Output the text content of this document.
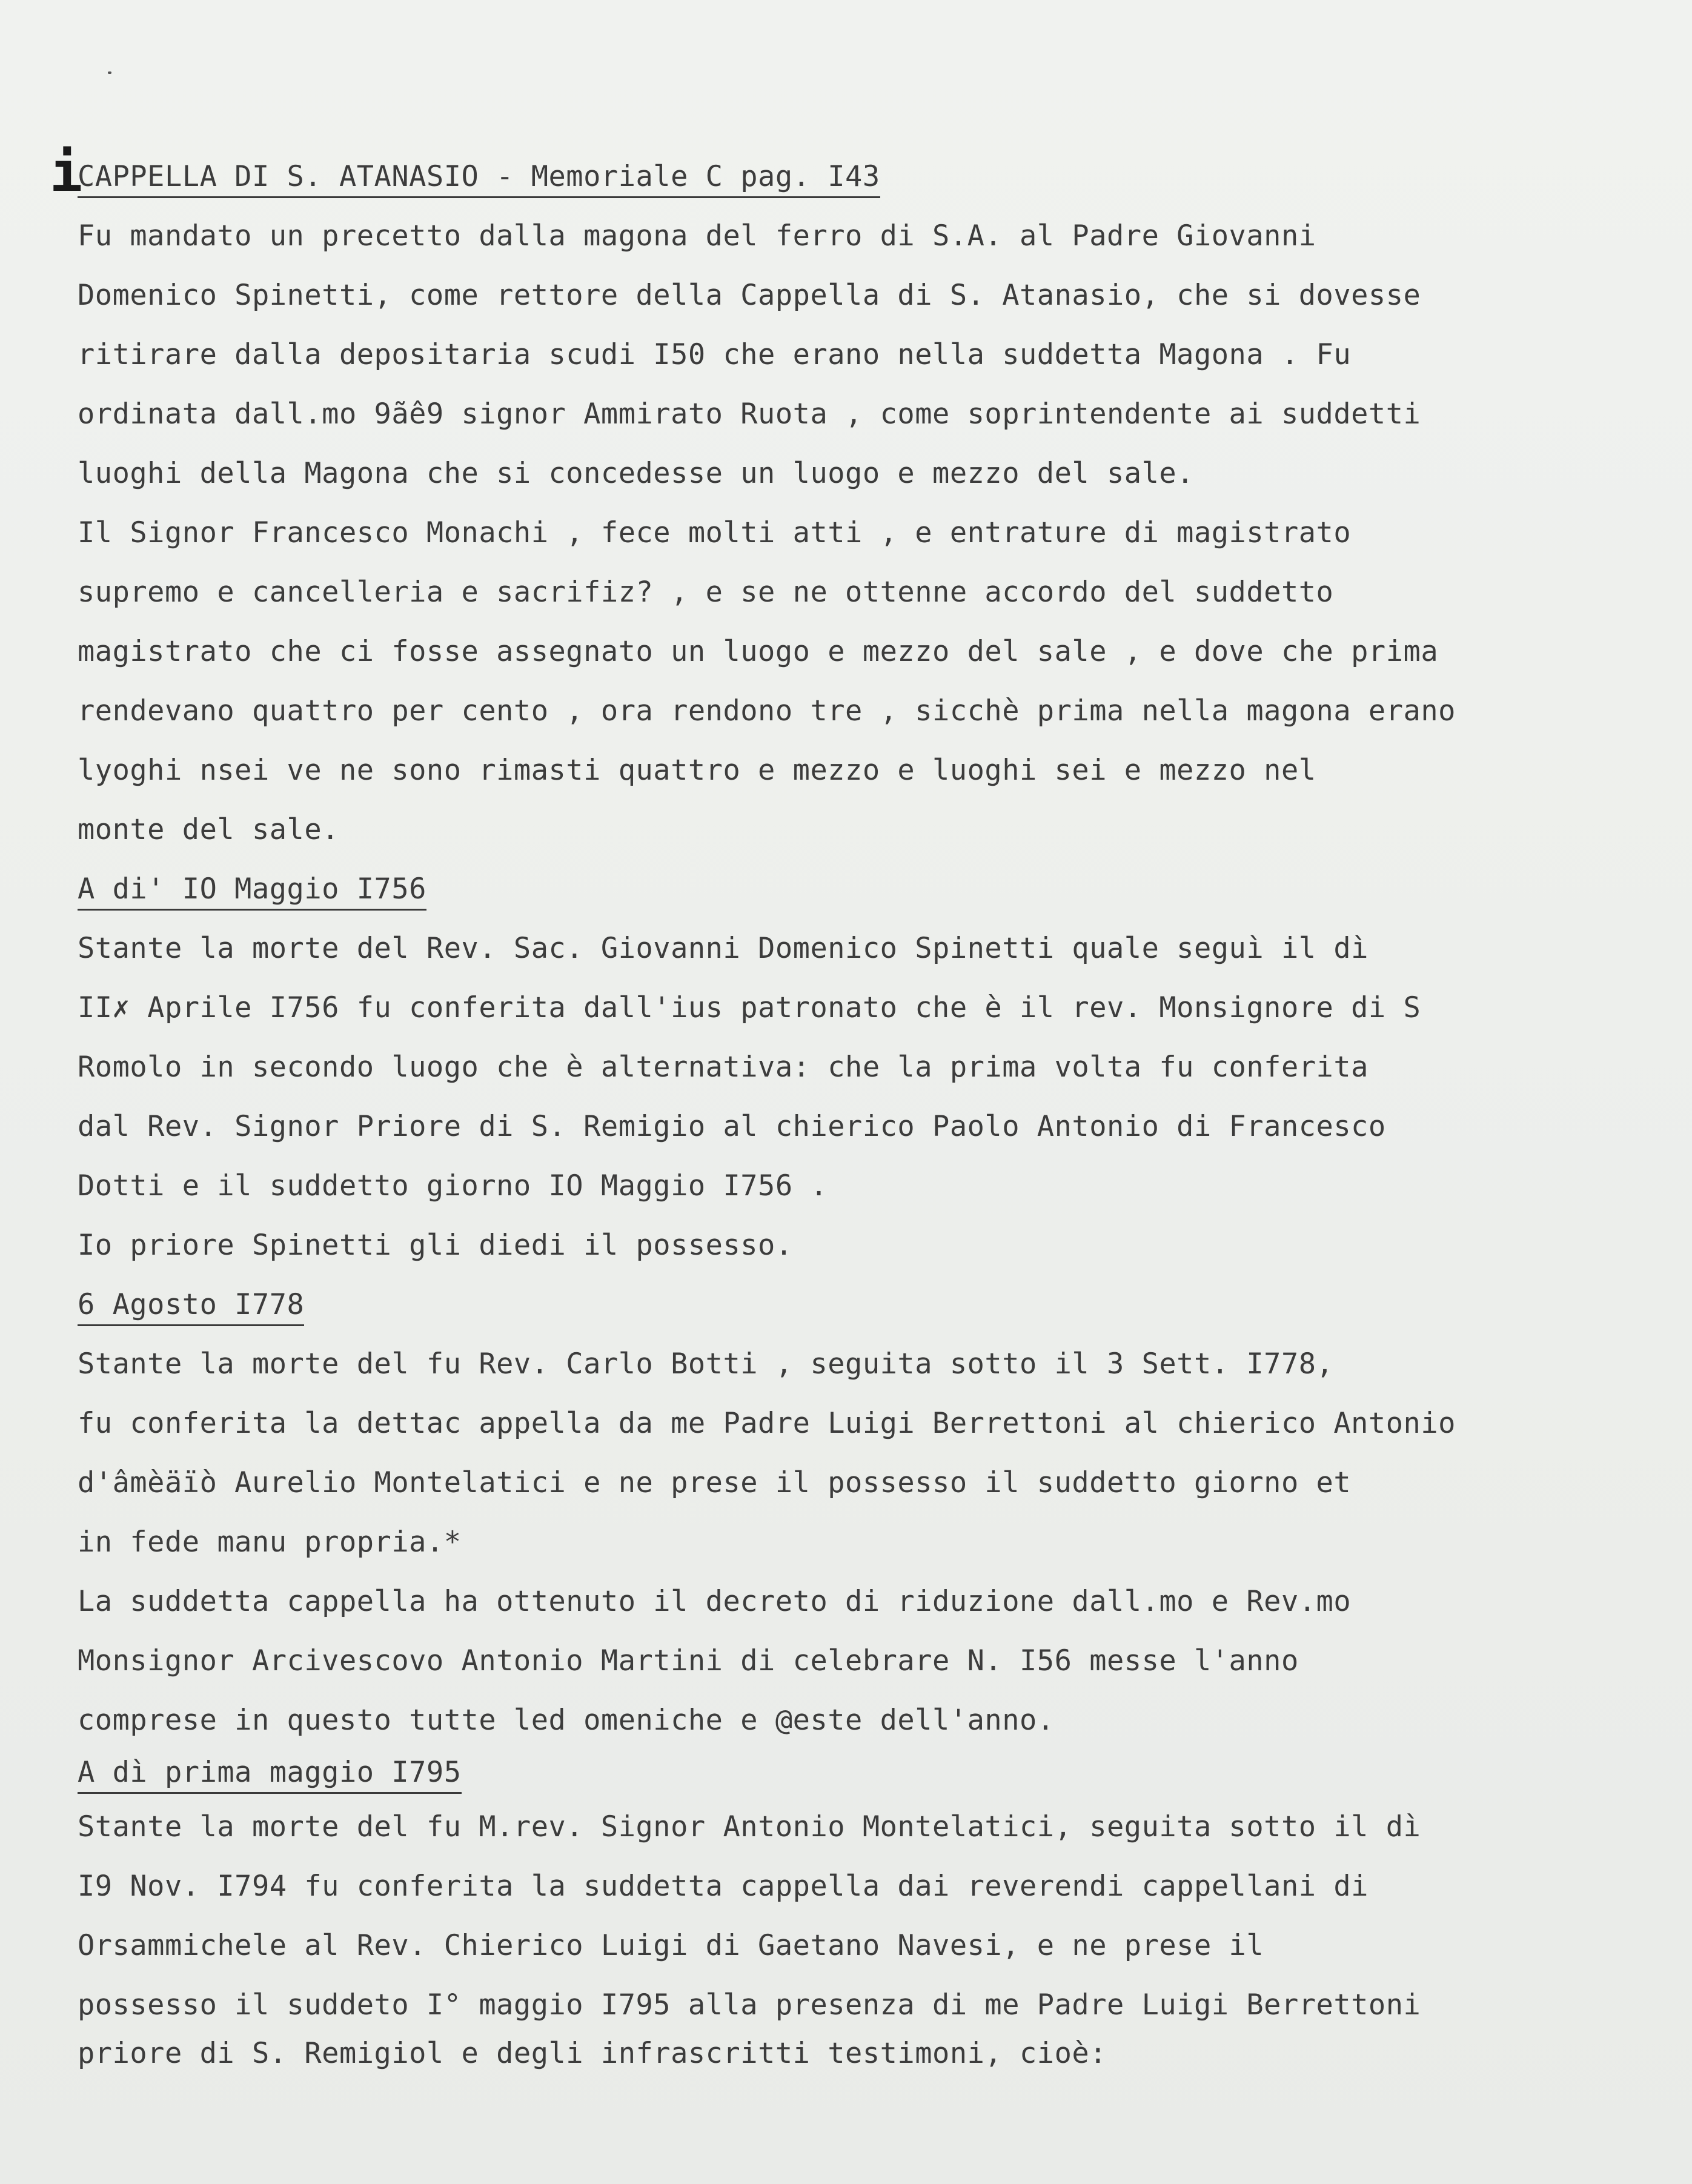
i
CAPPELLA DI S. ATANASIO - Memoriale C pag. I43
Fu mandato un precetto dalla magona del ferro di S.A. al Padre Giovanni
Domenico Spinetti, come rettore della Cappella di S. Atanasio, che si dovesse
ritirare dalla depositaria scudi I50 che erano nella suddetta Magona . Fu
ordinata dall.mo 9ãê9 signor Ammirato Ruota , come soprintendente ai suddetti
luoghi della Magona che si concedesse un luogo e mezzo del sale.
Il Signor Francesco Monachi , fece molti atti , e entrature di magistrato
supremo e cancelleria e sacrifiz? , e se ne ottenne accordo del suddetto
magistrato che ci fosse assegnato un luogo e mezzo del sale , e dove che prima
rendevano quattro per cento , ora rendono tre , sicchè prima nella magona erano
lyoghi nsei ve ne sono rimasti quattro e mezzo e luoghi sei e mezzo nel
monte del sale.
A di' IO Maggio I756
Stante la morte del Rev. Sac. Giovanni Domenico Spinetti quale seguì il dì
II✗ Aprile I756 fu conferita dall'ius patronato che è il rev. Monsignore di S
Romolo in secondo luogo che è alternativa: che la prima volta fu conferita
dal Rev. Signor Priore di S. Remigio al chierico Paolo Antonio di Francesco
Dotti e il suddetto giorno IO Maggio I756 .
Io priore Spinetti gli diedi il possesso.
6 Agosto I778
Stante la morte del fu Rev. Carlo Botti , seguita sotto il 3 Sett. I778,
fu conferita la dettac appella da me Padre Luigi Berrettoni al chierico Antonio
d'âmèäïò Aurelio Montelatici e ne prese il possesso il suddetto giorno et
in fede manu propria.*
La suddetta cappella ha ottenuto il decreto di riduzione dall.mo e Rev.mo
Monsignor Arcivescovo Antonio Martini di celebrare N. I56 messe l'anno
comprese in questo tutte led omeniche e @este dell'anno.
A dì prima maggio I795
Stante la morte del fu M.rev. Signor Antonio Montelatici, seguita sotto il dì
I9 Nov. I794 fu conferita la suddetta cappella dai reverendi cappellani di
Orsammichele al Rev. Chierico Luigi di Gaetano Navesi, e ne prese il
possesso il suddeto I° maggio I795 alla presenza di me Padre Luigi Berrettoni
priore di S. Remigiol e degli infrascritti testimoni, cioè:
